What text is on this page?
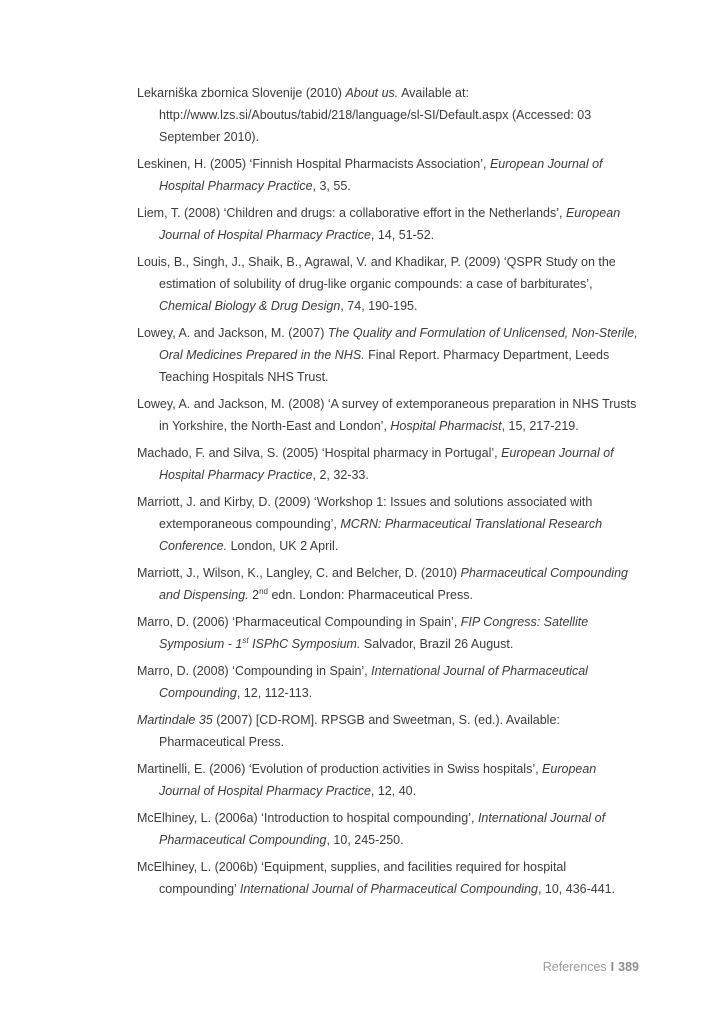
Lekarniška zbornica Slovenije (2010) About us. Available at: http://www.lzs.si/Aboutus/tabid/218/language/sl-SI/Default.aspx (Accessed: 03 September 2010).

Leskinen, H. (2005) ‘Finnish Hospital Pharmacists Association’, European Journal of Hospital Pharmacy Practice, 3, 55.

Liem, T. (2008) ‘Children and drugs: a collaborative effort in the Netherlands’, European Journal of Hospital Pharmacy Practice, 14, 51-52.

Louis, B., Singh, J., Shaik, B., Agrawal, V. and Khadikar, P. (2009) ‘QSPR Study on the estimation of solubility of drug-like organic compounds: a case of barbiturates’, Chemical Biology & Drug Design, 74, 190-195.

Lowey, A. and Jackson, M. (2007) The Quality and Formulation of Unlicensed, Non-Sterile, Oral Medicines Prepared in the NHS. Final Report. Pharmacy Department, Leeds Teaching Hospitals NHS Trust.

Lowey, A. and Jackson, M. (2008) ‘A survey of extemporaneous preparation in NHS Trusts in Yorkshire, the North-East and London’, Hospital Pharmacist, 15, 217-219.

Machado, F. and Silva, S. (2005) ‘Hospital pharmacy in Portugal’, European Journal of Hospital Pharmacy Practice, 2, 32-33.

Marriott, J. and Kirby, D. (2009) ‘Workshop 1: Issues and solutions associated with extemporaneous compounding’, MCRN: Pharmaceutical Translational Research Conference. London, UK 2 April.

Marriott, J., Wilson, K., Langley, C. and Belcher, D. (2010) Pharmaceutical Compounding and Dispensing. 2nd edn. London: Pharmaceutical Press.

Marro, D. (2006) ‘Pharmaceutical Compounding in Spain’, FIP Congress: Satellite Symposium - 1st ISPhC Symposium. Salvador, Brazil 26 August.

Marro, D. (2008) ‘Compounding in Spain’, International Journal of Pharmaceutical Compounding, 12, 112-113.

Martindale 35 (2007) [CD-ROM]. RPSGB and Sweetman, S. (ed.). Available: Pharmaceutical Press.

Martinelli, E. (2006) ‘Evolution of production activities in Swiss hospitals’, European Journal of Hospital Pharmacy Practice, 12, 40.

McElhiney, L. (2006a) ‘Introduction to hospital compounding’, International Journal of Pharmaceutical Compounding, 10, 245-250.

McElhiney, L. (2006b) ‘Equipment, supplies, and facilities required for hospital compounding’ International Journal of Pharmaceutical Compounding, 10, 436-441.

References I 389
